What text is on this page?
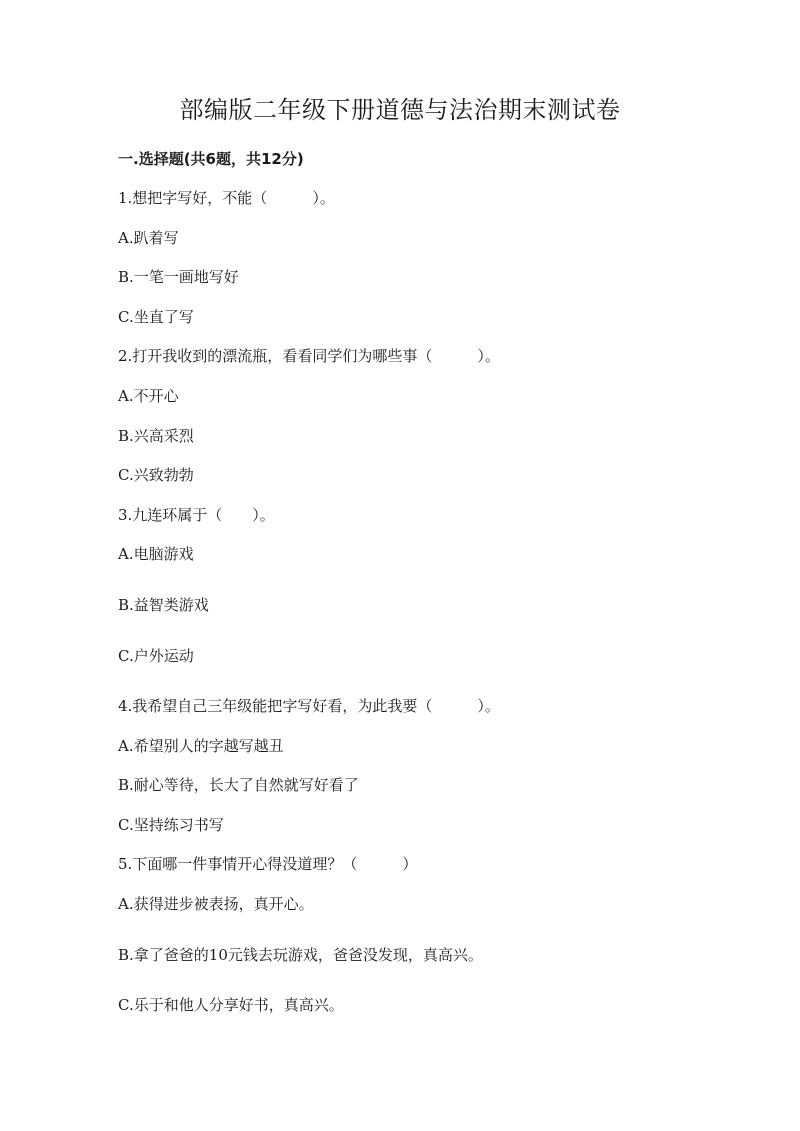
部编版二年级下册道德与法治期末测试卷
一.选择题(共6题，共12分)
1.想把字写好，不能（　　　）。
A.趴着写
B.一笔一画地写好
C.坐直了写
2.打开我收到的漂流瓶，看看同学们为哪些事（　　　）。
A.不开心
B.兴高采烈
C.兴致勃勃
3.九连环属于（　　）。
A.电脑游戏
B.益智类游戏
C.户外运动
4.我希望自己三年级能把字写好看，为此我要（　　　）。
A.希望别人的字越写越丑
B.耐心等待，长大了自然就写好看了
C.坚持练习书写
5.下面哪一件事情开心得没道理？（　　　）
A.获得进步被表扬，真开心。
B.拿了爸爸的10元钱去玩游戏，爸爸没发现，真高兴。
C.乐于和他人分享好书，真高兴。
